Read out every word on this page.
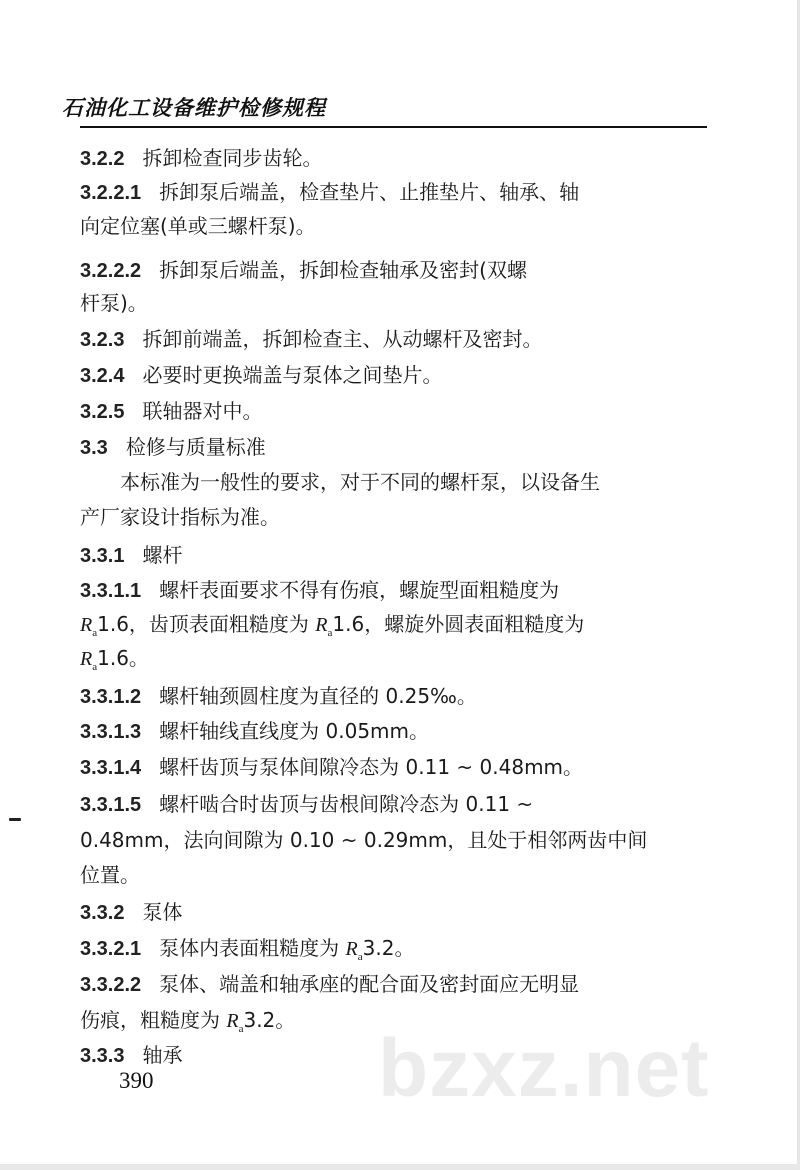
石油化工设备维护检修规程
3.2.2 拆卸检查同步齿轮。
3.2.2.1 拆卸泵后端盖，检查垫片、止推垫片、轴承、轴
向定位塞(单或三螺杆泵)。
3.2.2.2 拆卸泵后端盖，拆卸检查轴承及密封(双螺
杆泵)。
3.2.3 拆卸前端盖，拆卸检查主、从动螺杆及密封。
3.2.4 必要时更换端盖与泵体之间垫片。
3.2.5 联轴器对中。
3.3 检修与质量标准
本标准为一般性的要求，对于不同的螺杆泵，以设备生
产厂家设计指标为准。
3.3.1 螺杆
3.3.1.1 螺杆表面要求不得有伤痕，螺旋型面粗糙度为
$R_a1.6$，齿顶表面粗糙度为 $R_a1.6$，螺旋外圆表面粗糙度为
$R_a1.6$。
3.3.1.2 螺杆轴颈圆柱度为直径的 0.25‰。
3.3.1.3 螺杆轴线直线度为 0.05mm。
3.3.1.4 螺杆齿顶与泵体间隙冷态为 0.11 ~ 0.48mm。
3.3.1.5 螺杆啮合时齿顶与齿根间隙冷态为 0.11 ~
0.48mm，法向间隙为 0.10 ~ 0.29mm，且处于相邻两齿中间
位置。
3.3.2 泵体
3.3.2.1 泵体内表面粗糙度为 $R_a3.2$。
3.3.2.2 泵体、端盖和轴承座的配合面及密封面应无明显
伤痕，粗糙度为 $R_a3.2$。
3.3.3 轴承 bzxz.net
390
